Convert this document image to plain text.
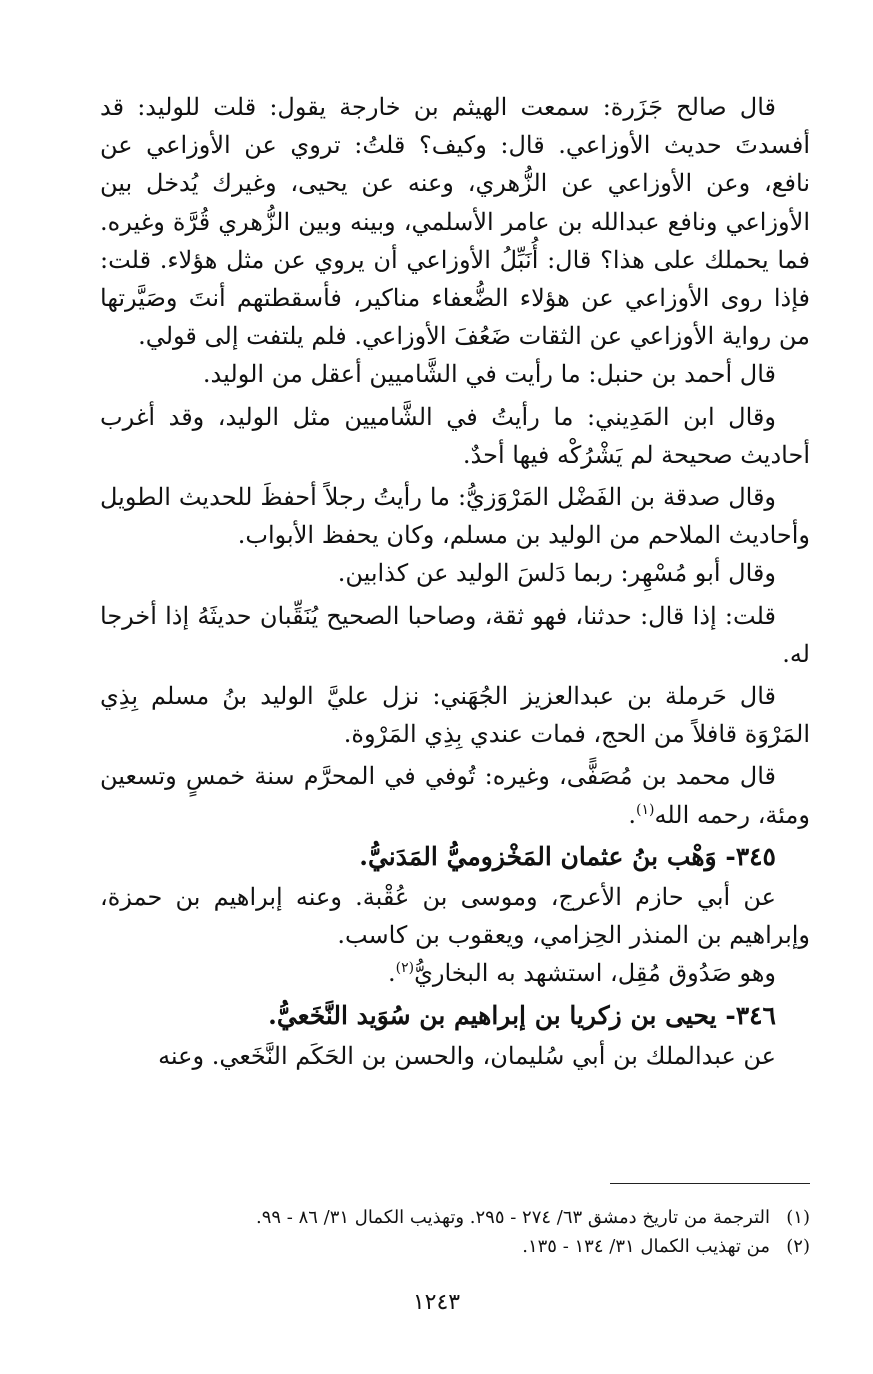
قال صالح جَزَرة: سمعت الهيثم بن خارجة يقول: قلت للوليد: قد أفسدتَ حديث الأوزاعي. قال: وكيف؟ قلتُ: تروي عن الأوزاعي عن نافع، وعن الأوزاعي عن الزُّهري، وعنه عن يحيى، وغيرك يُدخل بين الأوزاعي ونافع عبدالله بن عامر الأسلمي، وبينه وبين الزُّهري قُرَّة وغيره. فما يحملك على هذا؟ قال: أُنَبِّلُ الأوزاعي أن يروي عن مثل هؤلاء. قلت: فإذا روى الأوزاعي عن هؤلاء الضُّعفاء مناكير، فأسقطتهم أنتَ وصَيَّرتها من رواية الأوزاعي عن الثقات ضَعُفَ الأوزاعي. فلم يلتفت إلى قولي.

قال أحمد بن حنبل: ما رأيت في الشَّاميين أعقل من الوليد.

وقال ابن المَدِيني: ما رأيتُ في الشَّاميين مثل الوليد، وقد أغرب أحاديث صحيحة لم يَشْرُكْه فيها أحدٌ.

وقال صدقة بن الفَضْل المَرْوَزيُّ: ما رأيتُ رجلاً أحفظَ للحديث الطويل وأحاديث الملاحم من الوليد بن مسلم، وكان يحفظ الأبواب.

وقال أبو مُسْهِر: ربما دَلسَ الوليد عن كذابين.

قلت: إذا قال: حدثنا، فهو ثقة، وصاحبا الصحيح يُنَقِّبان حديثَهُ إذا أخرجا له.

قال حَرملة بن عبدالعزيز الجُهَني: نزل عليَّ الوليد بنُ مسلم بِذِي المَرْوَة قافلاً من الحج، فمات عندي بِذِي المَرْوة.

قال محمد بن مُصَفًّى، وغيره: تُوفي في المحرَّم سنة خمسٍ وتسعين ومئة، رحمه الله$^{(١)}$.

٣٤٥- وَهْب بنُ عثمان المَخْزوميُّ المَدَنيُّ.

عن أبي حازم الأعرج، وموسى بن عُقْبة. وعنه إبراهيم بن حمزة، وإبراهيم بن المنذر الحِزامي، ويعقوب بن كاسب.

وهو صَدُوق مُقِل، استشهد به البخاريُّ$^{(٢)}$.

٣٤٦- يحيى بن زكريا بن إبراهيم بن سُوَيد النَّخَعيُّ.

عن عبدالملك بن أبي سُليمان، والحسن بن الحَكَم النَّخَعي. وعنه

(١)
الترجمة من تاريخ دمشق ٦٣/ ٢٧٤ - ٢٩٥. وتهذيب الكمال ٣١/ ٨٦ - ٩٩.
(٢)
من تهذيب الكمال ٣١/ ١٣٤ - ١٣٥.
١٢٤٣
